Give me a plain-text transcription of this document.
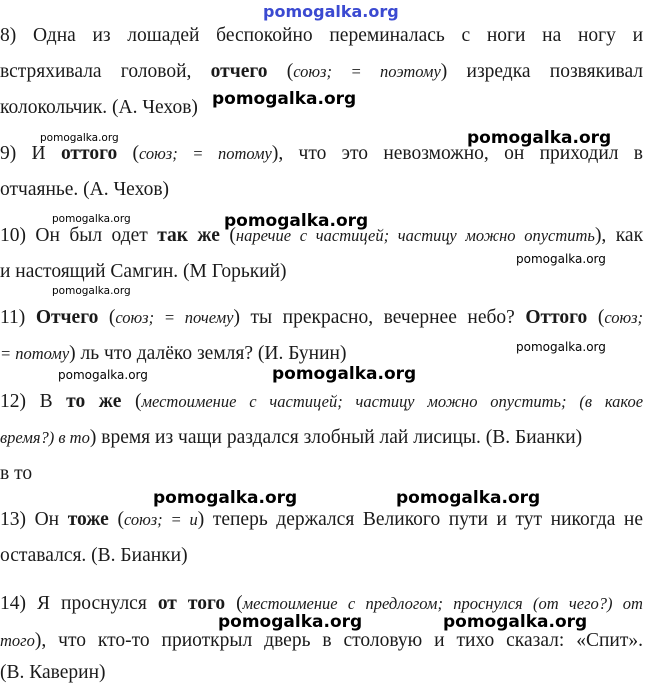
pomogalka.org

8) Одна из лошадей беспокойно переминалась с ноги на ногу и

встряхивала головой, отчего (союз; = поэтому) изредка позвякивал

колокольчик. (А. Чехов) pomogalka.org

pomogalka.org	pomogalka.org

9) И оттого (союз; = потому), что это невозможно, он приходил в

отчаянье. (А. Чехов)

pomogalka.org	pomogalka.org

10) Он был одет так же (наречие с частицей; частицу можно опустить), как

pomogalka.org

и настоящий Самгин. (М Горький)

pomogalka.org

11) Отчего (союз; = почему) ты прекрасно, вечернее небо? Оттого (союз;

pomogalka.org

= потому) ль что далёко земля? (И. Бунин)

pomogalka.org	pomogalka.org

12) В то же (местоимение с частицей; частицу можно опустить; (в какое

время?) в то) время из чащи раздался злобный лай лисицы. (В. Бианки)

в то

pomogalka.org	pomogalka.org

13) Он тоже (союз; = и) теперь держался Великого пути и тут никогда не

оставался. (В. Бианки)

14) Я проснулся от того (местоимение с предлогом; проснулся (от чего?) от

pomogalka.org	pomogalka.org

того), что кто-то приоткрыл дверь в столовую и тихо сказал: «Спит».

(В. Каверин)
